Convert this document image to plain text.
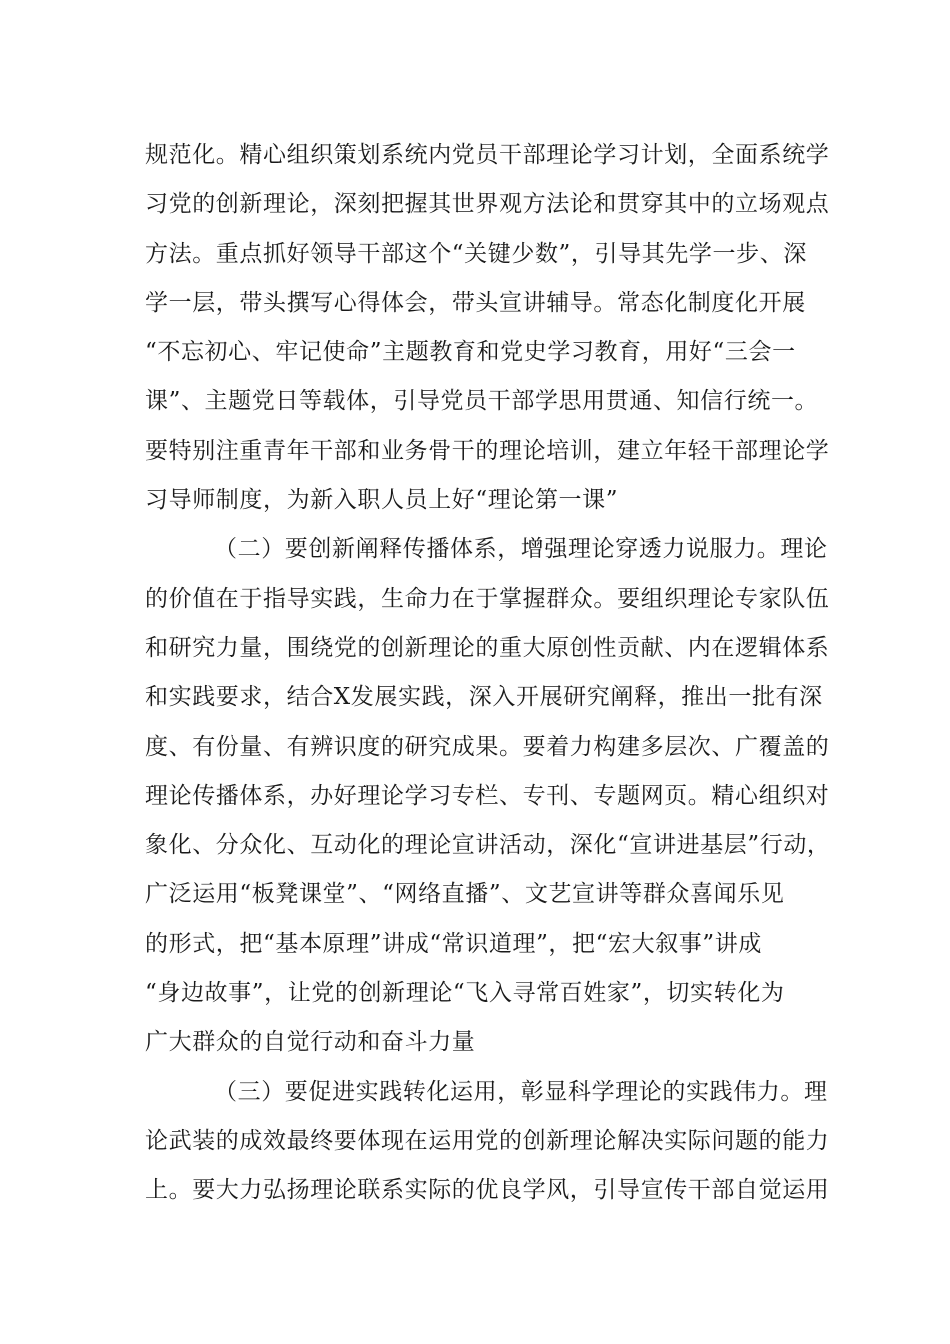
规范化。精心组织策划系统内党员干部理论学习计划，全面系统学
习党的创新理论，深刻把握其世界观方法论和贯穿其中的立场观点
方法。重点抓好领导干部这个“关键少数”，引导其先学一步、深
学一层，带头撰写心得体会，带头宣讲辅导。常态化制度化开展
“不忘初心、牢记使命”主题教育和党史学习教育，用好“三会一
课”、主题党日等载体，引导党员干部学思用贯通、知信行统一。
要特别注重青年干部和业务骨干的理论培训，建立年轻干部理论学
习导师制度，为新入职人员上好“理论第一课”
（二）要创新阐释传播体系，增强理论穿透力说服力。理论
的价值在于指导实践，生命力在于掌握群众。要组织理论专家队伍
和研究力量，围绕党的创新理论的重大原创性贡献、内在逻辑体系
和实践要求，结合X发展实践，深入开展研究阐释，推出一批有深
度、有份量、有辨识度的研究成果。要着力构建多层次、广覆盖的
理论传播体系，办好理论学习专栏、专刊、专题网页。精心组织对
象化、分众化、互动化的理论宣讲活动，深化“宣讲进基层”行动，
广泛运用“板凳课堂”、“网络直播”、文艺宣讲等群众喜闻乐见
的形式，把“基本原理”讲成“常识道理”，把“宏大叙事”讲成
“身边故事”，让党的创新理论“飞入寻常百姓家”，切实转化为
广大群众的自觉行动和奋斗力量
（三）要促进实践转化运用，彰显科学理论的实践伟力。理
论武装的成效最终要体现在运用党的创新理论解决实际问题的能力
上。要大力弘扬理论联系实际的优良学风，引导宣传干部自觉运用
